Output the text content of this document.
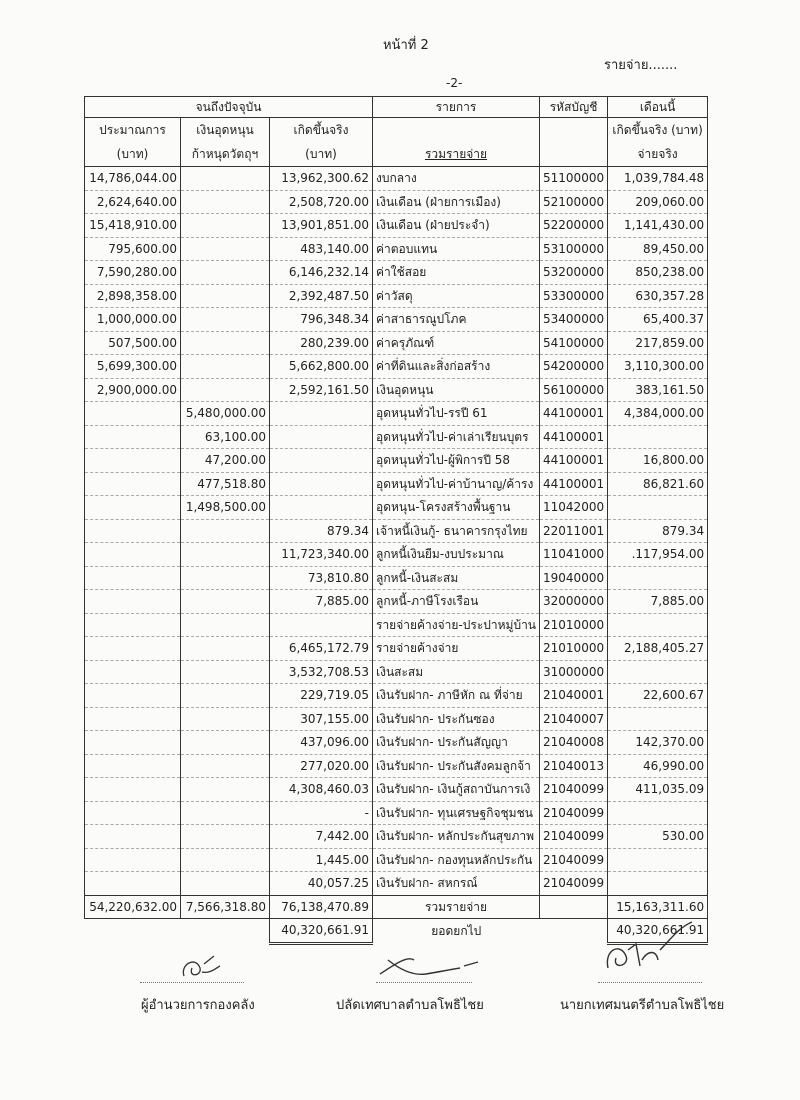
หน้าที่ 2
รายจ่าย.......
-2-
จนถึงปัจจุบัน			รายการ	รหัสบัญชี	เดือนนี้
ประมาณการ	เงินอุดหนุน	เกิดขึ้นจริง			เกิดขึ้นจริง (บาท)
(บาท)	ก้าหนุดวัตถุฯ	(บาท)	รวมรายจ่าย		จ่ายจริง
14,786,044.00		13,962,300.62	งบกลาง	51100000	1,039,784.48
2,624,640.00		2,508,720.00	เงินเดือน (ฝ่ายการเมือง)	52100000	209,060.00
15,418,910.00		13,901,851.00	เงินเดือน (ฝ่ายประจำ)	52200000	1,141,430.00
795,600.00		483,140.00	ค่าตอบแทน	53100000	89,450.00
7,590,280.00		6,146,232.14	ค่าใช้สอย	53200000	850,238.00
2,898,358.00		2,392,487.50	ค่าวัสดุ	53300000	630,357.28
1,000,000.00		796,348.34	ค่าสาธารณูปโภค	53400000	65,400.37
507,500.00		280,239.00	ค่าครุภัณฑ์	54100000	217,859.00
5,699,300.00		5,662,800.00	ค่าที่ดินและสิ่งก่อสร้าง	54200000	3,110,300.00
2,900,000.00		2,592,161.50	เงินอุดหนุน	56100000	383,161.50
	5,480,000.00		อุดหนุนทั่วไป-รรปี 61	44100001	4,384,000.00
	63,100.00		อุดหนุนทั่วไป-ค่าเล่าเรียนบุตร	44100001	
	47,200.00		อุดหนุนทั่วไป-ผู้พิการปี 58	44100001	16,800.00
	477,518.80		อุดหนุนทั่วไป-ค่าบ้านาญ/ค้ารง	44100001	86,821.60
	1,498,500.00		อุดหนุน-โครงสร้างพื้นฐาน	11042000	
		879.34	เจ้าหนี้เงินกู้- ธนาคารกรุงไทย	22011001	879.34
		11,723,340.00	ลูกหนี้เงินยืม-งบประมาณ	11041000	.117,954.00
		73,810.80	ลูกหนี้-เงินสะสม	19040000	
		7,885.00	ลูกหนี้-ภาษีโรงเรือน	32000000	7,885.00
			รายจ่ายค้างจ่าย-ประปาหมู่บ้าน	21010000	
		6,465,172.79	รายจ่ายค้างจ่าย	21010000	2,188,405.27
		3,532,708.53	เงินสะสม	31000000	
		229,719.05	เงินรับฝาก- ภาษีหัก ณ ที่จ่าย	21040001	22,600.67
		307,155.00	เงินรับฝาก- ประกันซอง	21040007	
		437,096.00	เงินรับฝาก- ประกันสัญญา	21040008	142,370.00
		277,020.00	เงินรับฝาก- ประกันสังคมลูกจ้า	21040013	46,990.00
		4,308,460.03	เงินรับฝาก- เงินกู้สถาบันการเงิ	21040099	411,035.09
		-	เงินรับฝาก- ทุนเศรษฐกิจชุมชน	21040099	
		7,442.00	เงินรับฝาก- หลักประกันสุขภาพ	21040099	530.00
		1,445.00	เงินรับฝาก- กองทุนหลักประกัน	21040099	
		40,057.25	เงินรับฝาก- สหกรณ์	21040099	
54,220,632.00	7,566,318.80	76,138,470.89	รวมรายจ่าย		15,163,311.60
		40,320,661.91	ยอดยกไป		40,320,661.91
ผู้อำนวยการกองคลัง	ปลัดเทศบาลตำบลโพธิไชย	นายกเทศมนตรีตำบลโพธิไชย
